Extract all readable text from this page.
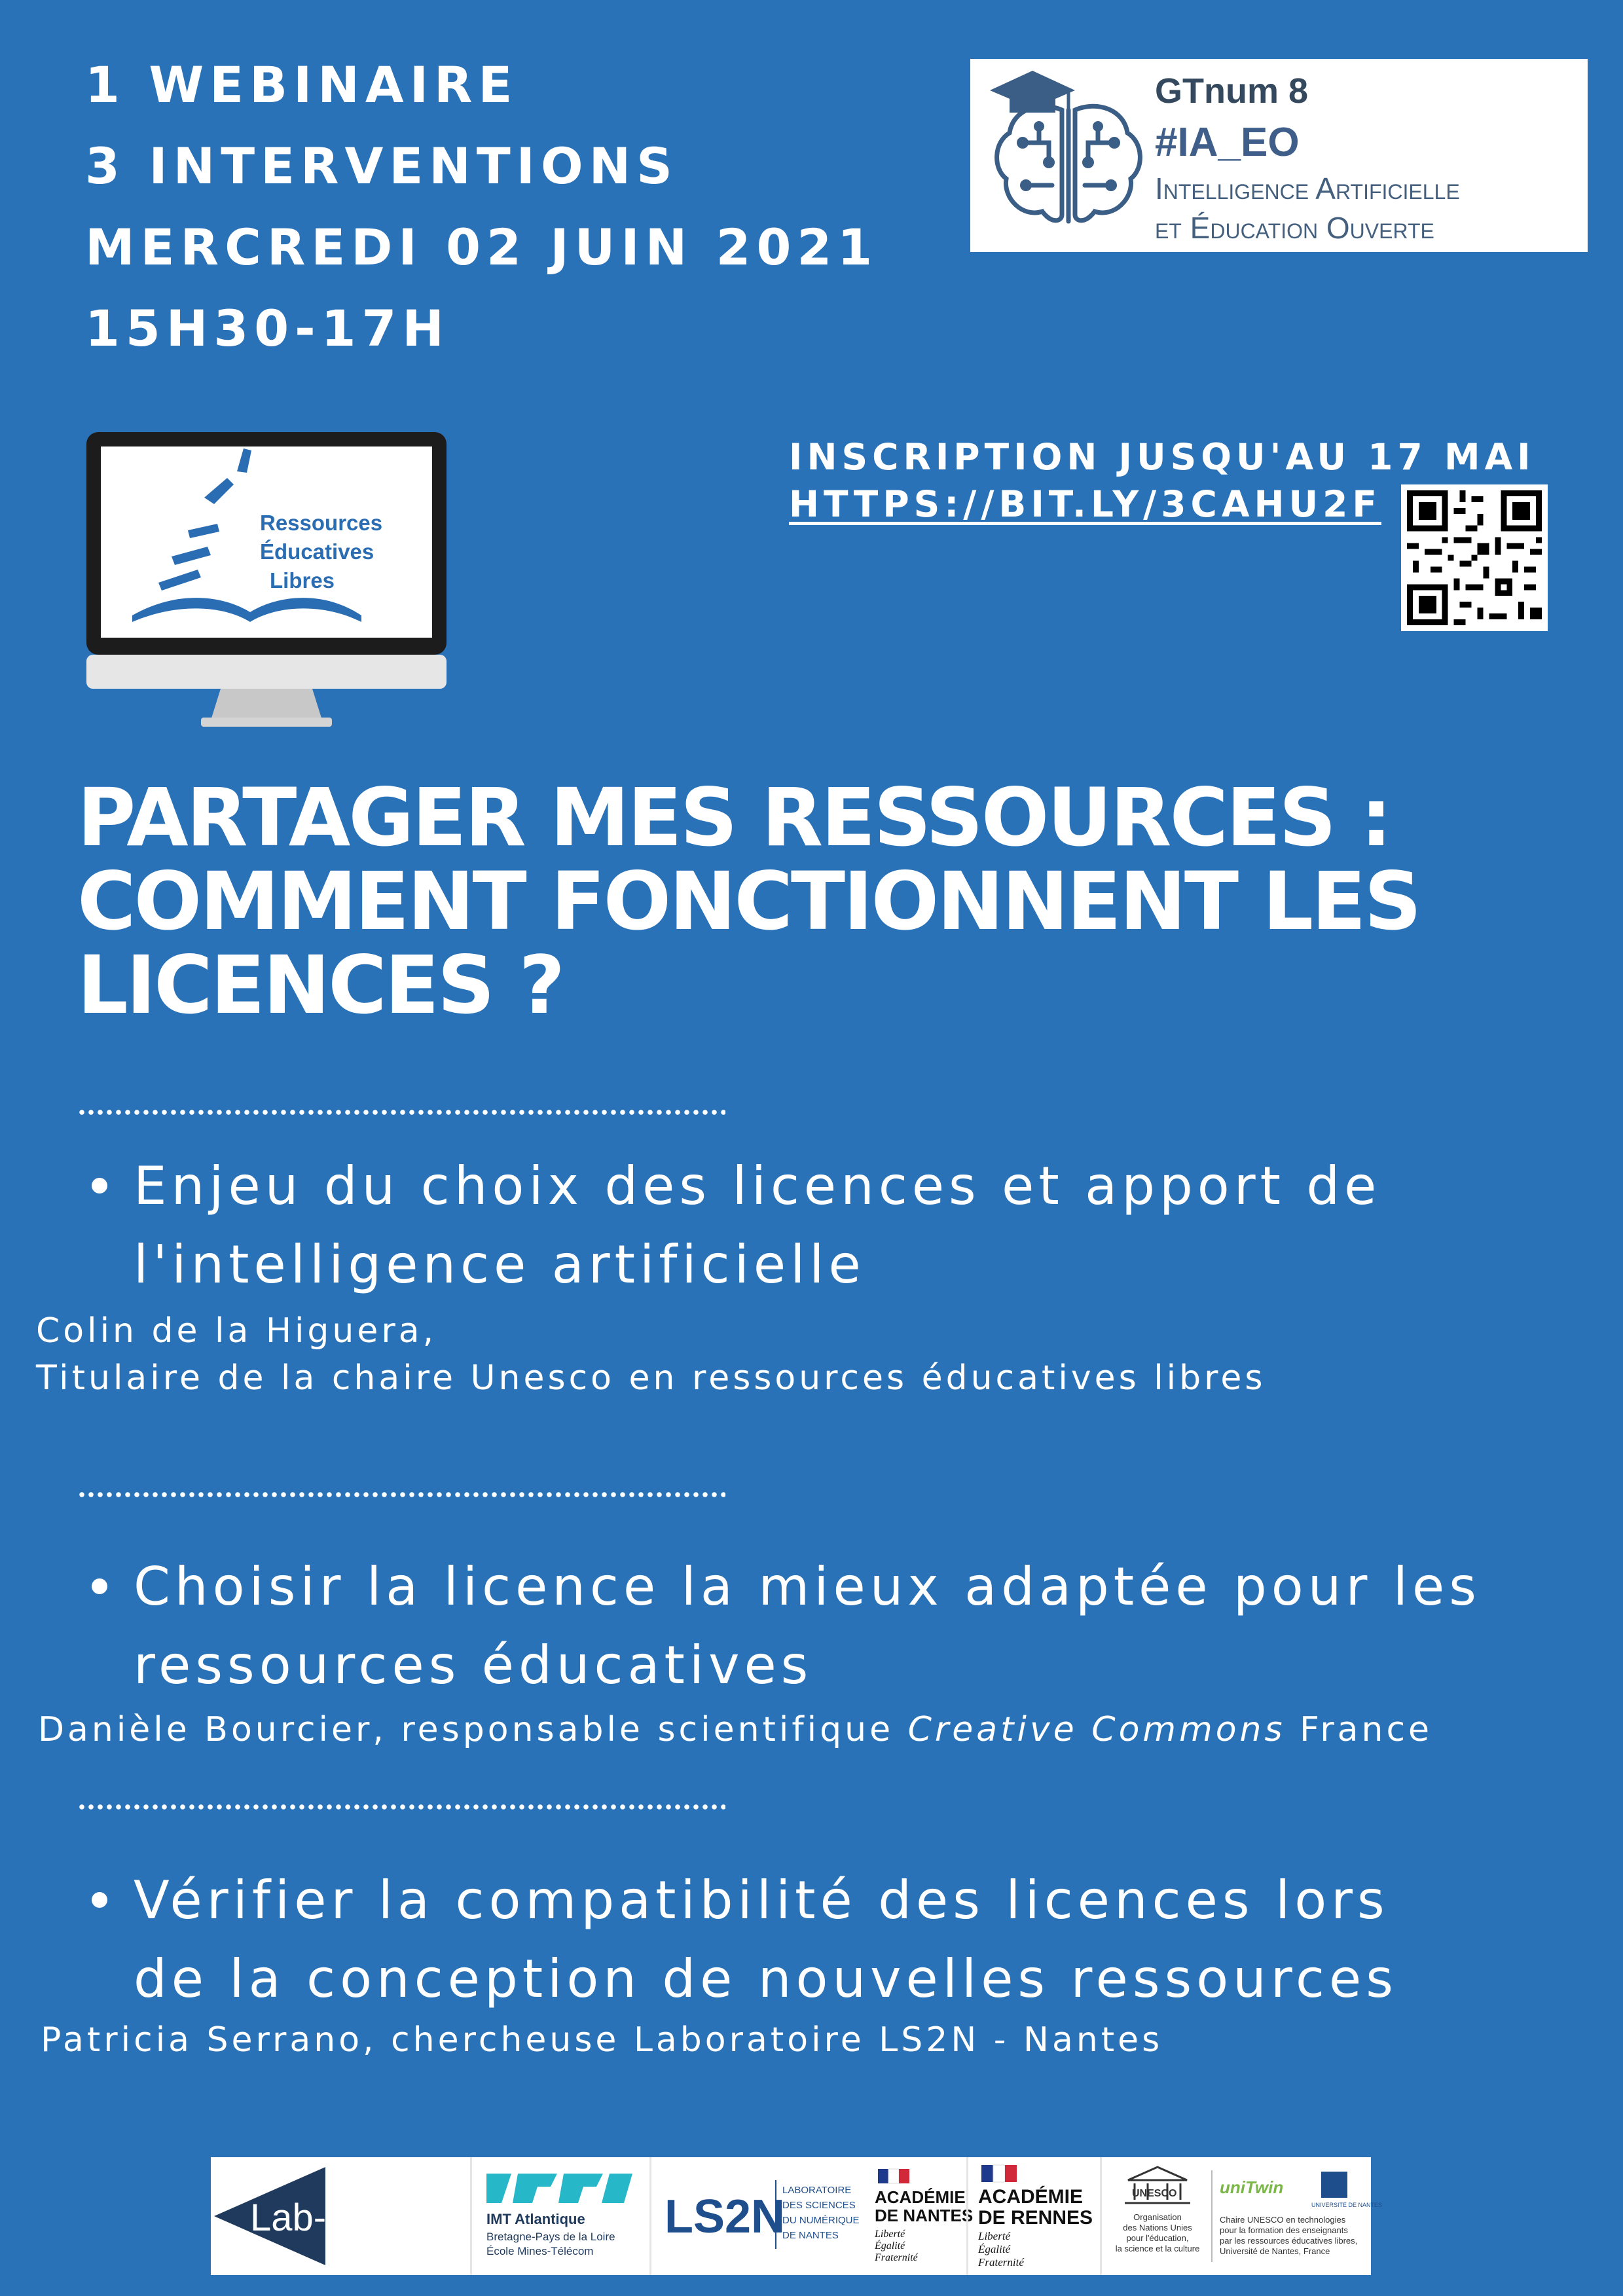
1 WEBINAIRE
3 INTERVENTIONS
MERCREDI 02 JUIN 2021
15H30-17H
GTnum 8
#IA_EO
Intelligence Artificielle
et Éducation Ouverte
Ressources
Éducatives
Libres
INSCRIPTION JUSQU'AU 17 MAI
HTTPS://BIT.LY/3CAHU2F
PARTAGER MES RESSOURCES :
COMMENT FONCTIONNENT LES
LICENCES ?
Enjeu du choix des licences et apport de
l'intelligence artificielle
Colin de la Higuera,
Titulaire de la chaire Unesco en ressources éducatives libres
Choisir la licence la mieux adaptée pour les
ressources éducatives
Danièle Bourcier, responsable scientifique Creative Commons France
Vérifier la compatibilité des licences lors
de la conception de nouvelles ressources
Patricia Serrano, chercheuse Laboratoire LS2N - Nantes
Lab-STICC	IMT Atlantique
Bretagne-Pays de la Loire
École Mines-Télécom
LS2N
LABORATOIRE
DES SCIENCES
DU NUMÉRIQUE
DE NANTES
ACADÉMIE
DE NANTES
Liberté
Égalité
Fraternité
ACADÉMIE
DE RENNES
Liberté
Égalité
Fraternité
UNESCO
Organisation
des Nations Unies
pour l'éducation,
la science et la culture
uniTwin
UNIVERSITÉ DE NANTES
Chaire UNESCO en technologies
pour la formation des enseignants
par les ressources éducatives libres,
Université de Nantes, France
